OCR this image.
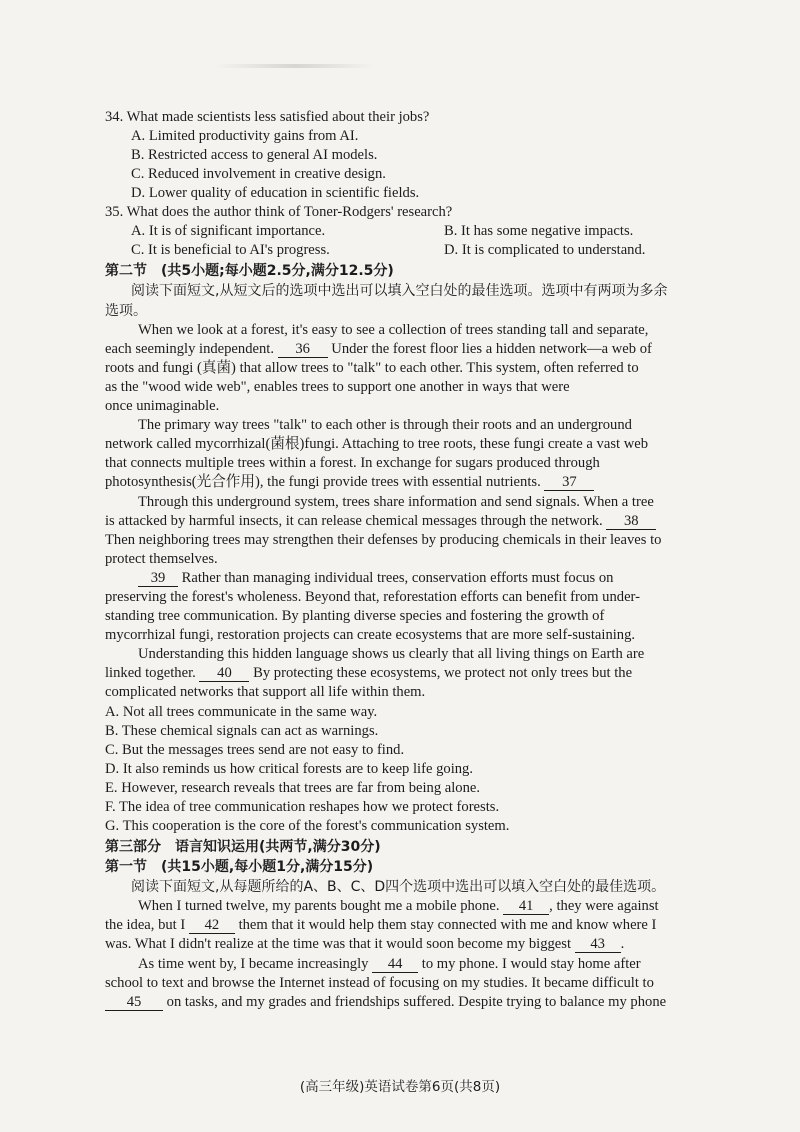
34. What made scientists less satisfied about their jobs?
A. Limited productivity gains from AI.
B. Restricted access to general AI models.
C. Reduced involvement in creative design.
D. Lower quality of education in scientific fields.
35. What does the author think of Toner-Rodgers' research?
A. It is of significant importance.	B. It has some negative impacts.
C. It is beneficial to AI's progress.	D. It is complicated to understand.
第二节　(共5小题;每小题2.5分,满分12.5分)
阅读下面短文,从短文后的选项中选出可以填入空白处的最佳选项。选项中有两项为多余
选项。
When we look at a forest, it's easy to see a collection of trees standing tall and separate,
each seemingly independent. 36 Under the forest floor lies a hidden network—a web of
roots and fungi (真菌) that allow trees to "talk" to each other. This system, often referred to
as the "wood wide web", enables trees to support one another in ways that were
once unimaginable.
The primary way trees "talk" to each other is through their roots and an underground
network called mycorrhizal(菌根)fungi. Attaching to tree roots, these fungi create a vast web
that connects multiple trees within a forest. In exchange for sugars produced through
photosynthesis(光合作用), the fungi provide trees with essential nutrients. 37
Through this underground system, trees share information and send signals. When a tree
is attacked by harmful insects, it can release chemical messages through the network. 38
Then neighboring trees may strengthen their defenses by producing chemicals in their leaves to
protect themselves.
39 Rather than managing individual trees, conservation efforts must focus on
preserving the forest's wholeness. Beyond that, reforestation efforts can benefit from under-
standing tree communication. By planting diverse species and fostering the growth of
mycorrhizal fungi, restoration projects can create ecosystems that are more self-sustaining.
Understanding this hidden language shows us clearly that all living things on Earth are
linked together. 40 By protecting these ecosystems, we protect not only trees but the
complicated networks that support all life within them.
A. Not all trees communicate in the same way.
B. These chemical signals can act as warnings.
C. But the messages trees send are not easy to find.
D. It also reminds us how critical forests are to keep life going.
E. However, research reveals that trees are far from being alone.
F. The idea of tree communication reshapes how we protect forests.
G. This cooperation is the core of the forest's communication system.
第三部分　语言知识运用(共两节,满分30分)
第一节　(共15小题,每小题1分,满分15分)
阅读下面短文,从每题所给的A、B、C、D四个选项中选出可以填入空白处的最佳选项。
When I turned twelve, my parents bought me a mobile phone. 41 , they were against
the idea, but I 42 them that it would help them stay connected with me and know where I
was. What I didn't realize at the time was that it would soon become my biggest 43 .
As time went by, I became increasingly 44 to my phone. I would stay home after
school to text and browse the Internet instead of focusing on my studies. It became difficult to
45 on tasks, and my grades and friendships suffered. Despite trying to balance my phone
(高三年级)英语试卷第6页(共8页)
